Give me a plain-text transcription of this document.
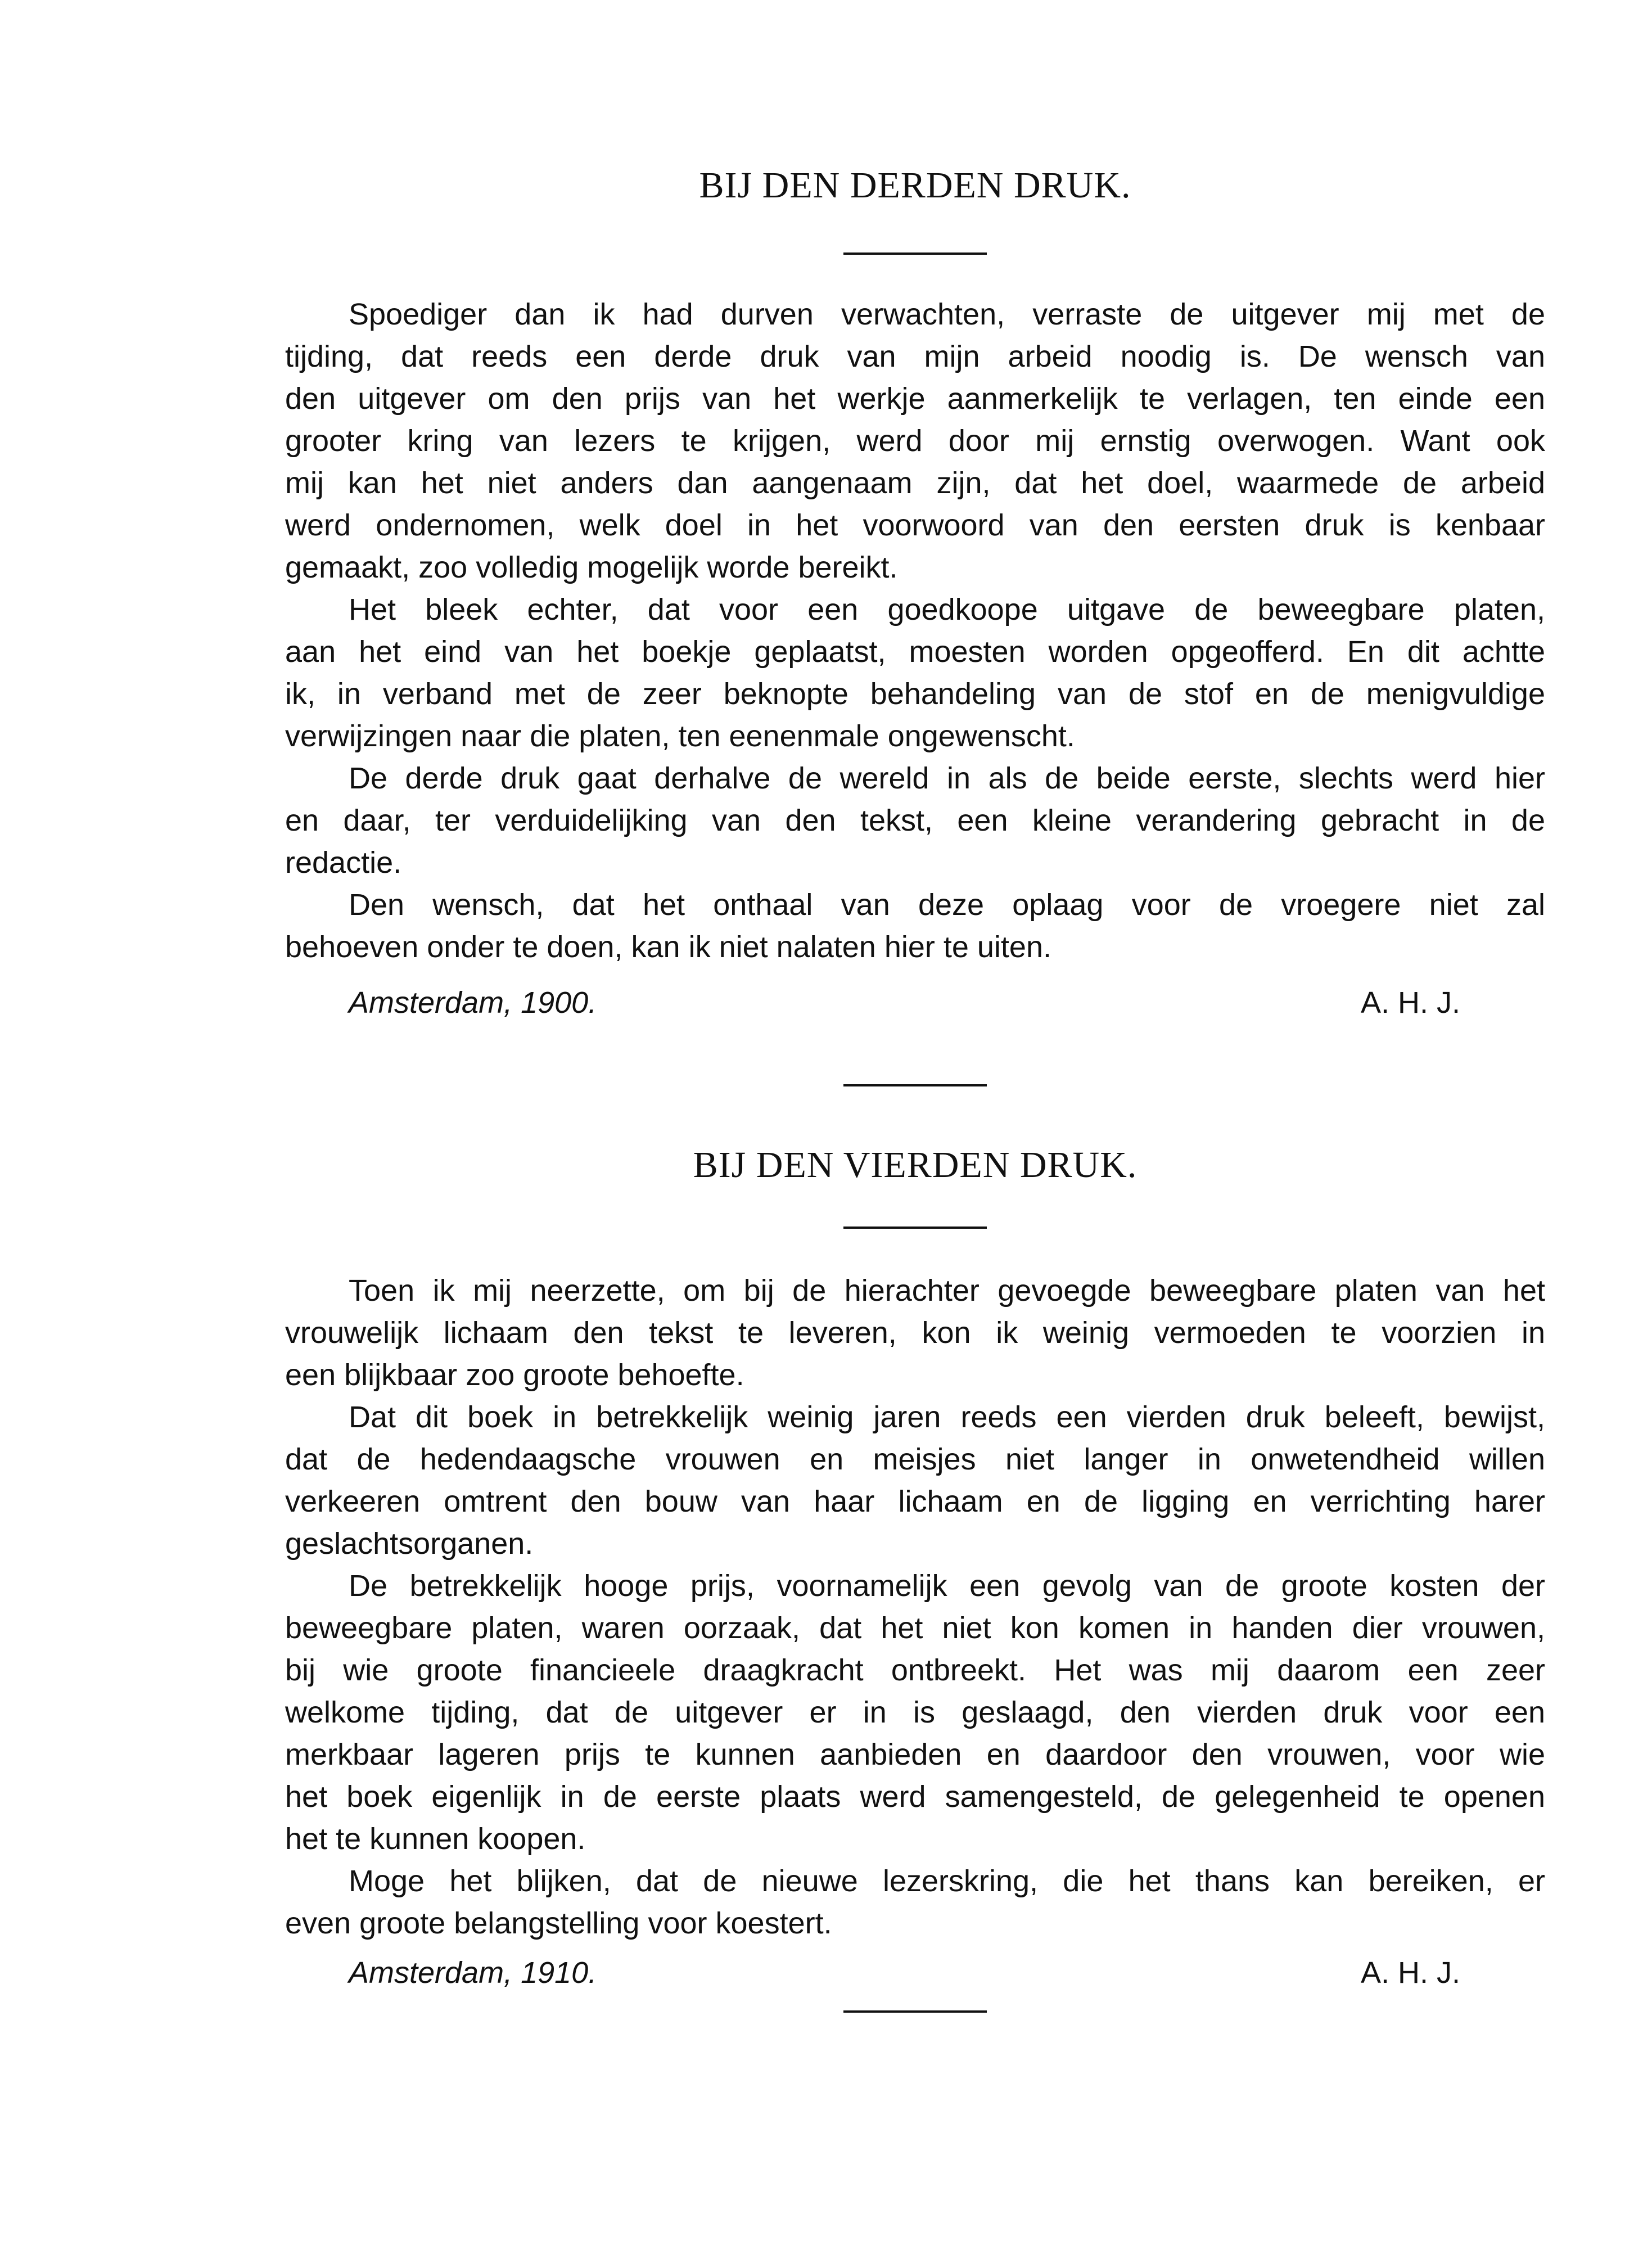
BIJ DEN DERDEN DRUK.
Spoediger dan ik had durven verwachten, verraste de uitgever mij met de
tijding, dat reeds een derde druk van mijn arbeid noodig is. De wensch van
den uitgever om den prijs van het werkje aanmerkelijk te verlagen, ten einde een
grooter kring van lezers te krijgen, werd door mij ernstig overwogen. Want ook
mij kan het niet anders dan aangenaam zijn, dat het doel, waarmede de arbeid
werd ondernomen, welk doel in het voorwoord van den eersten druk is kenbaar
gemaakt, zoo volledig mogelijk worde bereikt.
Het bleek echter, dat voor een goedkoope uitgave de beweegbare platen,
aan het eind van het boekje geplaatst, moesten worden opgeofferd. En dit achtte
ik, in verband met de zeer beknopte behandeling van de stof en de menigvuldige
verwijzingen naar die platen, ten eenenmale ongewenscht.
De derde druk gaat derhalve de wereld in als de beide eerste, slechts werd hier
en daar, ter verduidelijking van den tekst, een kleine verandering gebracht in de
redactie.
Den wensch, dat het onthaal van deze oplaag voor de vroegere niet zal
behoeven onder te doen, kan ik niet nalaten hier te uiten.
Amsterdam, 1900.	A. H. J.
BIJ DEN VIERDEN DRUK.
Toen ik mij neerzette, om bij de hierachter gevoegde beweegbare platen van het
vrouwelijk lichaam den tekst te leveren, kon ik weinig vermoeden te voorzien in
een blijkbaar zoo groote behoefte.
Dat dit boek in betrekkelijk weinig jaren reeds een vierden druk beleeft, bewijst,
dat de hedendaagsche vrouwen en meisjes niet langer in onwetendheid willen
verkeeren omtrent den bouw van haar lichaam en de ligging en verrichting harer
geslachtsorganen.
De betrekkelijk hooge prijs, voornamelijk een gevolg van de groote kosten der
beweegbare platen, waren oorzaak, dat het niet kon komen in handen dier vrouwen,
bij wie groote financieele draagkracht ontbreekt. Het was mij daarom een zeer
welkome tijding, dat de uitgever er in is geslaagd, den vierden druk voor een
merkbaar lageren prijs te kunnen aanbieden en daardoor den vrouwen, voor wie
het boek eigenlijk in de eerste plaats werd samengesteld, de gelegenheid te openen
het te kunnen koopen.
Moge het blijken, dat de nieuwe lezerskring, die het thans kan bereiken, er
even groote belangstelling voor koestert.
Amsterdam, 1910.	A. H. J.
